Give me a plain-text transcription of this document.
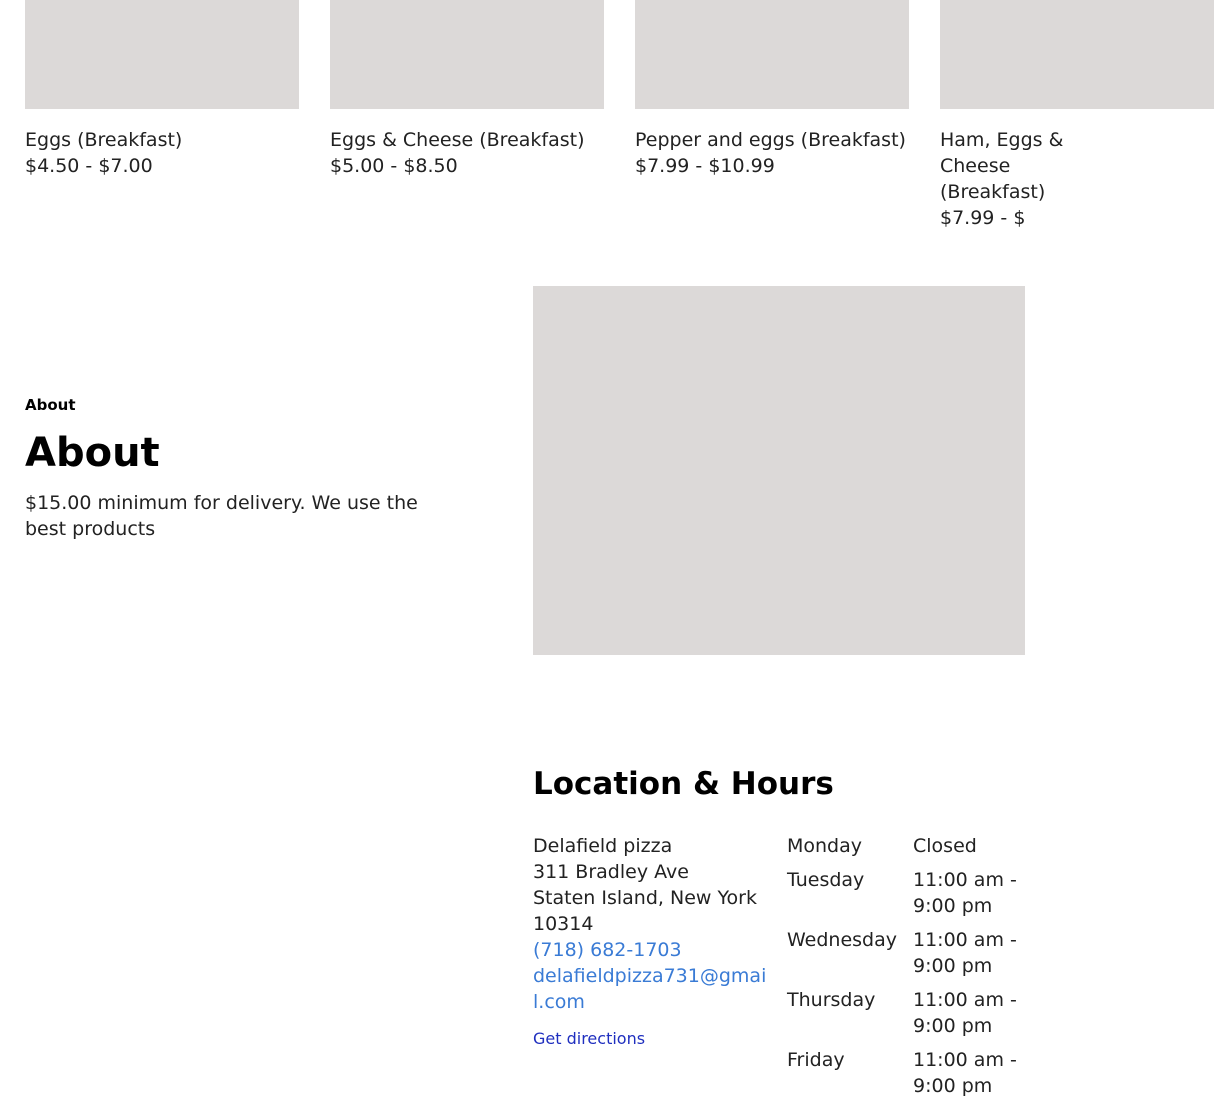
Eggs (Breakfast)
$4.50 - $7.00
Eggs & Cheese (Breakfast)
$5.00 - $8.50
Pepper and eggs (Breakfast)
$7.99 - $10.99
Ham, Eggs & Cheese (Breakfast)
$7.99 - $
About
About

$15.00 minimum for delivery. We use the best products

Location & Hours
Delafield pizza
311 Bradley Ave
Staten Island, New York
10314
(718) 682-1703
delafieldpizza731@gmail.com
Get directions
Monday	Closed
Tuesday	11:00 am - 9:00 pm
Wednesday 11:00 am - 9:00 pm
Thursday	11:00 am - 9:00 pm
Friday	11:00 am - 9:00 pm
